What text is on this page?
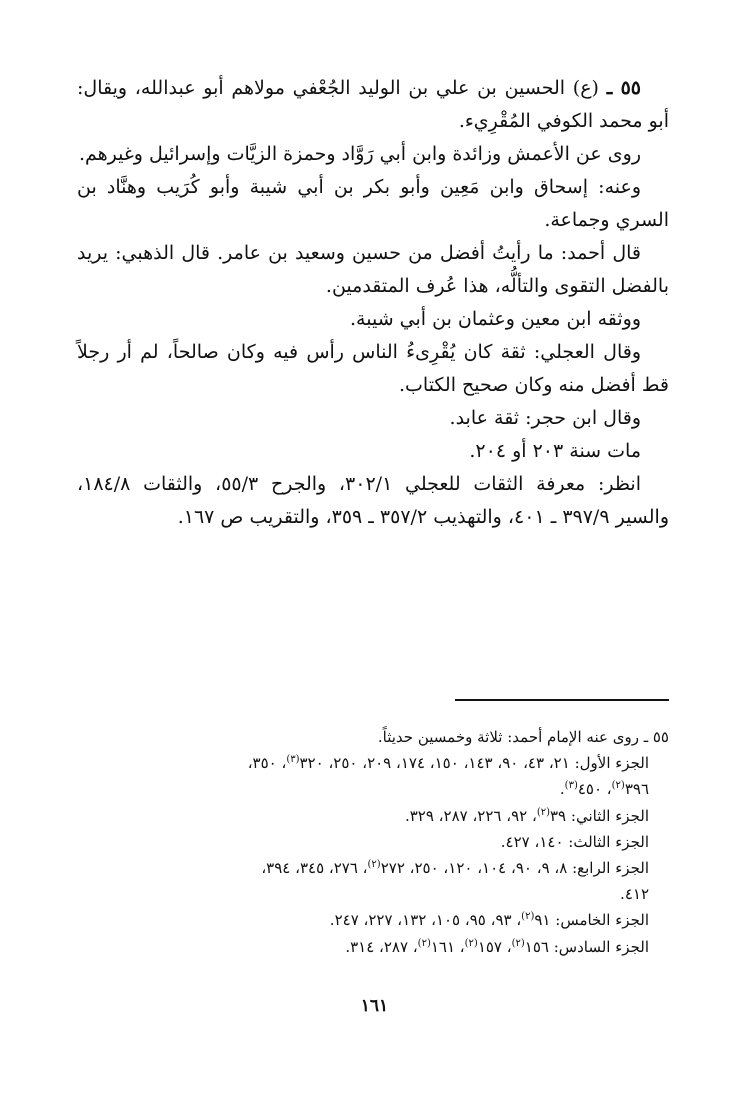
٥٥ ـ (ع) الحسين بن علي بن الوليد الجُعْفي مولاهم أبو عبدالله، ويقال: أبو محمد الكوفي المُقْرِيء.

روى عن الأعمش وزائدة وابن أبي رَوَّاد وحمزة الزيَّات وإسرائيل وغيرهم.

وعنه: إسحاق وابن مَعِين وأبو بكر بن أبي شيبة وأبو كُرَيب وهنَّاد بن السري وجماعة.

قال أحمد: ما رأيتُ أفضل من حسين وسعيد بن عامر. قال الذهبي: يريد بالفضل التقوى والتألُّه، هذا عُرف المتقدمين.

ووثقه ابن معين وعثمان بن أبي شيبة.

وقال العجلي: ثقة كان يُقْرِىءُ الناس رأس فيه وكان صالحاً، لم أر رجلاً قط أفضل منه وكان صحيح الكتاب.

وقال ابن حجر: ثقة عابد.

مات سنة ٢٠٣ أو ٢٠٤.

انظر: معرفة الثقات للعجلي ٣٠٢/١، والجرح ٥٥/٣، والثقات ١٨٤/٨، والسير ٣٩٧/٩ ـ ٤٠١، والتهذيب ٣٥٧/٢ ـ ٣٥٩، والتقريب ص ١٦٧.

٥٥ ـ روى عنه الإمام أحمد: ثلاثة وخمسين حديثاً.

الجزء الأول: ٢١، ٤٣، ٩٠، ١٤٣، ١٥٠، ١٧٤، ٢٠٩، ٢٥٠، ٣٢٠$^{(٣)}$، ٣٥٠،
٣٩٦$^{(٢)}$، ٤٥٠$^{(٣)}$.

الجزء الثاني: ٣٩$^{(٢)}$، ٩٢، ٢٢٦، ٢٨٧، ٣٢٩.

الجزء الثالث: ١٤٠، ٤٢٧.

الجزء الرابع: ٨، ٩، ٩٠، ١٠٤، ١٢٠، ٢٥٠، ٢٧٢$^{(٢)}$، ٢٧٦، ٣٤٥، ٣٩٤،
٤١٢.

الجزء الخامس: ٩١$^{(٢)}$، ٩٣، ٩٥، ١٠٥، ١٣٢، ٢٢٧، ٢٤٧.

الجزء السادس: ١٥٦$^{(٢)}$، ١٥٧$^{(٢)}$، ١٦١$^{(٢)}$، ٢٨٧، ٣١٤.

١٦١
